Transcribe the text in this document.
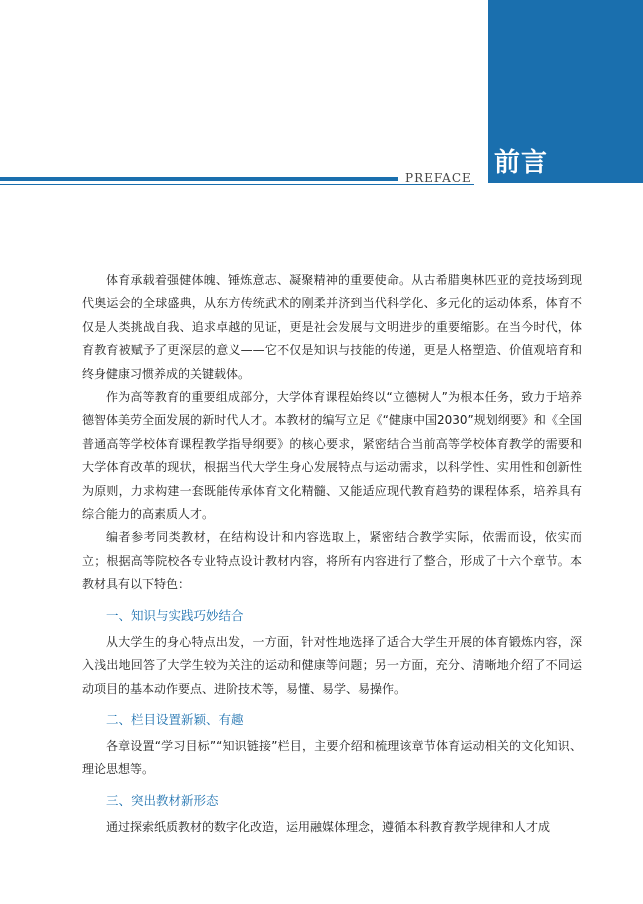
前言
PREFACE

体育承载着强健体魄、锤炼意志、凝聚精神的重要使命。从古希腊奥林匹亚的竞技场到现代奥运会的全球盛典，从东方传统武术的刚柔并济到当代科学化、多元化的运动体系，体育不仅是人类挑战自我、追求卓越的见证，更是社会发展与文明进步的重要缩影。在当今时代，体育教育被赋予了更深层的意义——它不仅是知识与技能的传递，更是人格塑造、价值观培育和终身健康习惯养成的关键载体。

作为高等教育的重要组成部分，大学体育课程始终以“立德树人”为根本任务，致力于培养德智体美劳全面发展的新时代人才。本教材的编写立足《“健康中国2030”规划纲要》和《全国普通高等学校体育课程教学指导纲要》的核心要求，紧密结合当前高等学校体育教学的需要和大学体育改革的现状，根据当代大学生身心发展特点与运动需求，以科学性、实用性和创新性为原则，力求构建一套既能传承体育文化精髓、又能适应现代教育趋势的课程体系，培养具有综合能力的高素质人才。

编者参考同类教材，在结构设计和内容选取上，紧密结合教学实际，依需而设，依实而立；根据高等院校各专业特点设计教材内容，将所有内容进行了整合，形成了十六个章节。本教材具有以下特色：

一、知识与实践巧妙结合

从大学生的身心特点出发，一方面，针对性地选择了适合大学生开展的体育锻炼内容，深入浅出地回答了大学生较为关注的运动和健康等问题；另一方面，充分、清晰地介绍了不同运动项目的基本动作要点、进阶技术等，易懂、易学、易操作。

二、栏目设置新颖、有趣

各章设置“学习目标”“知识链接”栏目，主要介绍和梳理该章节体育运动相关的文化知识、理论思想等。

三、突出教材新形态

通过探索纸质教材的数字化改造，运用融媒体理念，遵循本科教育教学规律和人才成
